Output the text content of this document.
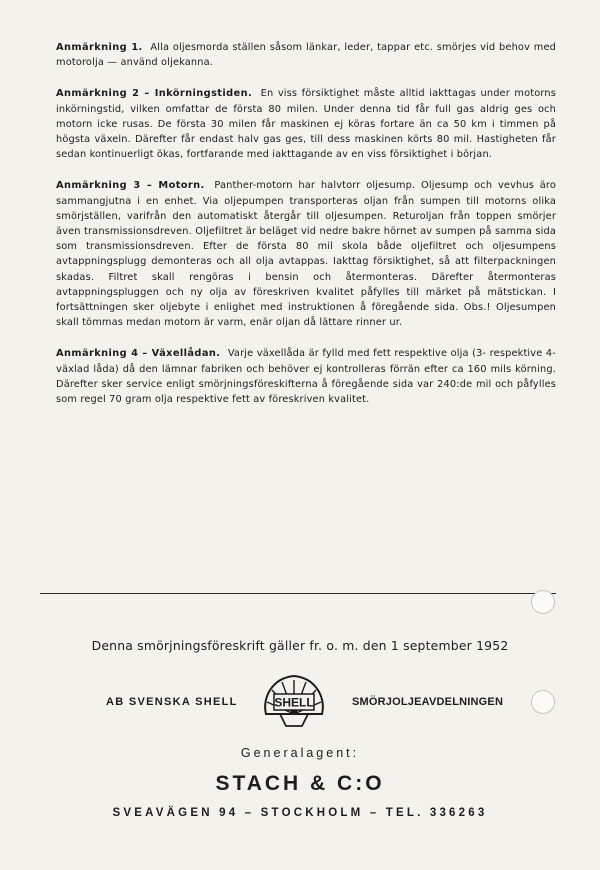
Anmärkning 1. Alla oljesmorda ställen såsom länkar, leder, tappar etc. smörjes vid behov med motorolja — använd oljekanna.

Anmärkning 2 – Inkörningstiden. En viss försiktighet måste alltid iakttagas under motorns inkörningstid, vilken omfattar de första 80 milen. Under denna tid får full gas aldrig ges och motorn icke rusas. De första 30 milen får maskinen ej köras fortare än ca 50 km i timmen på högsta växeln. Därefter får endast halv gas ges, till dess maskinen körts 80 mil. Hastigheten får sedan kontinuerligt ökas, fortfarande med iakttagande av en viss försiktighet i början.

Anmärkning 3 – Motorn. Panther-motorn har halvtorr oljesump. Oljesump och vevhus äro sammangjutna i en enhet. Via oljepumpen transporteras oljan från sumpen till motorns olika smörjställen, varifrån den automatiskt återgår till oljesumpen. Returoljan från toppen smörjer även transmissionsdreven. Oljefiltret är beläget vid nedre bakre hörnet av sumpen på samma sida som transmissionsdreven. Efter de första 80 mil skola både oljefiltret och oljesumpens avtappningsplugg demonteras och all olja avtappas. Iakttag försiktighet, så att filterpackningen skadas. Filtret skall rengöras i bensin och återmonteras. Därefter återmonteras avtappningspluggen och ny olja av föreskriven kvalitet påfylles till märket på mätstickan. I fortsättningen sker oljebyte i enlighet med instruktionen å föregående sida. Obs.! Oljesumpen skall tömmas medan motorn är varm, enär oljan då lättare rinner ur.

Anmärkning 4 – Växellådan. Varje växellåda är fylld med fett respektive olja (3- respektive 4-växlad låda) då den lämnar fabriken och behöver ej kontrolleras förrän efter ca 160 mils körning. Därefter sker service enligt smörjningsföreskifterna å föregående sida var 240:de mil och påfylles som regel 70 gram olja respektive fett av föreskriven kvalitet.

Denna smörjningsföreskrift gäller fr. o. m. den 1 september 1952
AB SVENSKA SHELL	SHELL	SMÖRJOLJEAVDELNINGEN
Generalagent:
STACH & C:O
SVEAVÄGEN 94 – STOCKHOLM – TEL. 336263
